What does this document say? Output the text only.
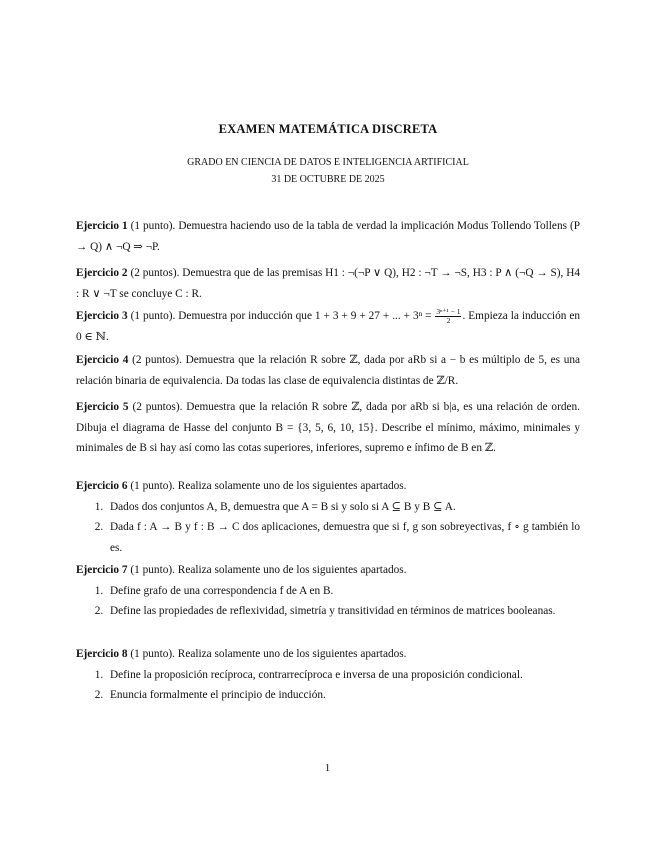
EXAMEN MATEMÁTICA DISCRETA
GRADO EN CIENCIA DE DATOS E INTELIGENCIA ARTIFICIAL
31 DE OCTUBRE DE 2025
Ejercicio 1 (1 punto). Demuestra haciendo uso de la tabla de verdad la implicación Modus Tollendo Tollens (P → Q) ∧ ¬Q ⇒ ¬P.
Ejercicio 2 (2 puntos). Demuestra que de las premisas H1 : ¬(¬P ∨ Q), H2 : ¬T → ¬S, H3 : P ∧ (¬Q → S), H4 : R ∨ ¬T se concluye C : R.
Ejercicio 3 (1 punto). Demuestra por inducción que 1 + 3 + 9 + 27 + ... + $3^n = \frac{\text{3ⁿ⁺¹ − 1}}{2}$ . Empieza la inducción en 0 ∈ ℕ.
Ejercicio 4 (2 puntos). Demuestra que la relación R sobre ℤ, dada por aRb si a − b es múltiplo de 5, es una relación binaria de equivalencia. Da todas las clase de equivalencia distintas de ℤ/R.
Ejercicio 5 (2 puntos). Demuestra que la relación R sobre ℤ, dada por aRb si b|a, es una relación de orden. Dibuja el diagrama de Hasse del conjunto B = {3, 5, 6, 10, 15}. Describe el mínimo, máximo, minimales y minimales de B si hay así como las cotas superiores, inferiores, supremo e ínfimo de B en ℤ.
Ejercicio 6 (1 punto). Realiza solamente uno de los siguientes apartados.
1. Dados dos conjuntos A, B, demuestra que A = B si y solo si A ⊆ B y B ⊆ A.
2. Dada f : A → B y f : B → C dos aplicaciones, demuestra que si f, g son sobreyectivas, f ∘ g también lo es.
Ejercicio 7 (1 punto). Realiza solamente uno de los siguientes apartados.
1. Define grafo de una correspondencia f de A en B.
2. Define las propiedades de reflexividad, simetría y transitividad en términos de matrices booleanas.
Ejercicio 8 (1 punto). Realiza solamente uno de los siguientes apartados.
1. Define la proposición recíproca, contrarrecíproca e inversa de una proposición condicional.
2. Enuncia formalmente el principio de inducción.
1
